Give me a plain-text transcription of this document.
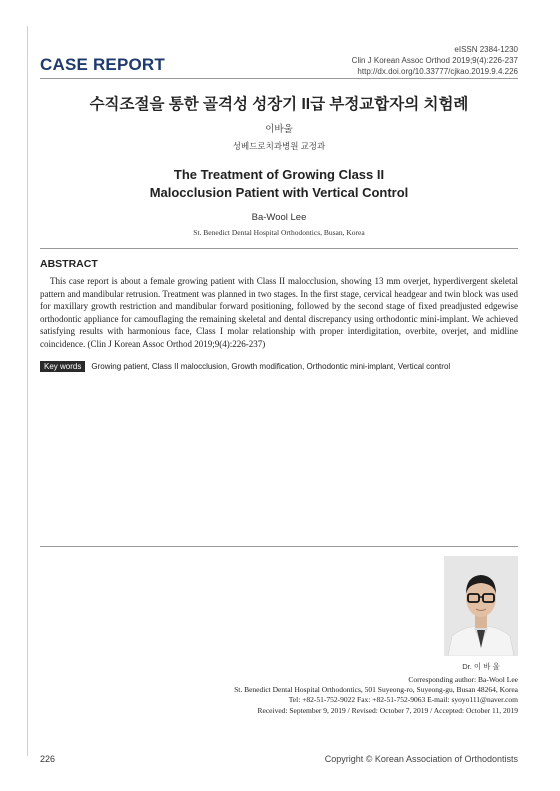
CASE REPORT
eISSN 2384-1230
Clin J Korean Assoc Orthod 2019;9(4):226-237
http://dx.doi.org/10.33777/cjkao.2019.9.4.226
수직조절을 통한 골격성 성장기 II급 부정교합자의 치험례
이바울
성베드로치과병원 교정과
The Treatment of Growing Class II
Malocclusion Patient with Vertical Control
Ba-Wool Lee
St. Benedict Dental Hospital Orthodontics, Busan, Korea
ABSTRACT

This case report is about a female growing patient with Class II malocclusion, showing 13 mm overjet, hyperdivergent skeletal pattern and mandibular retrusion. Treatment was planned in two stages. In the first stage, cervical headgear and twin block was used for maxillary growth restriction and mandibular forward positioning, followed by the second stage of fixed preadjusted edgewise orthodontic appliance for camouflaging the remaining skeletal and dental discrepancy using orthodontic mini-implant. We achieved satisfying results with harmonious face, Class I molar relationship with proper interdigitation, overbite, overjet, and midline coincidence. (Clin J Korean Assoc Orthod 2019;9(4):226-237)

Key words	Growing patient, Class II malocclusion, Growth modification, Orthodontic mini-implant, Vertical control
Dr. 이 바 울
Corresponding author: Ba-Wool Lee
St. Benedict Dental Hospital Orthodontics, 501 Suyeong-ro, Suyeong-gu, Busan 48264, Korea
Tel: +82-51-752-9022 Fax: +82-51-752-9063 E-mail: syoyo111@naver.com
Received: September 9, 2019 / Revised: October 7, 2019 / Accepted: October 11, 2019
226	Copyright © Korean Association of Orthodontists
